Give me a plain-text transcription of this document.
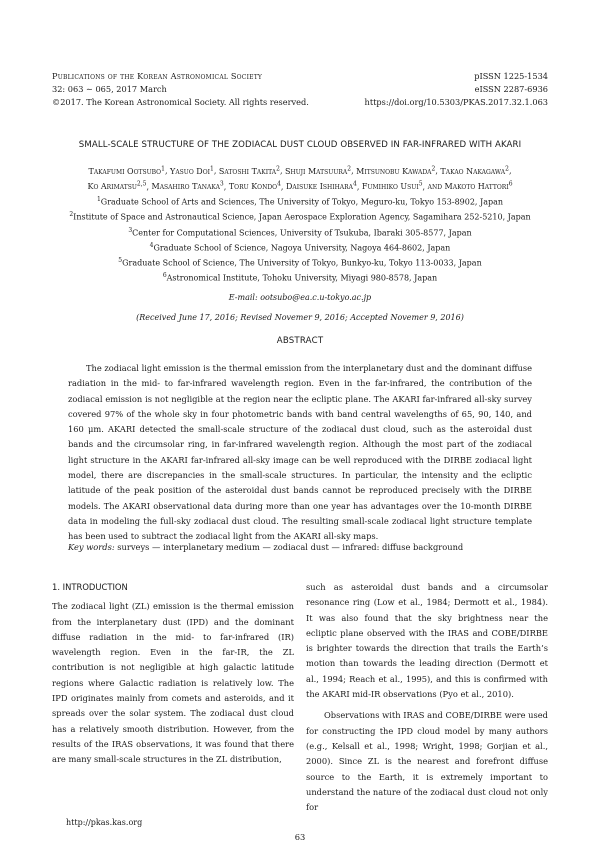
Publications of the Korean Astronomical Society	pISSN 1225-1534
32: 063 ∼ 065, 2017 March	eISSN 2287-6936
©2017. The Korean Astronomical Society. All rights reserved.	https://doi.org/10.5303/PKAS.2017.32.1.063
SMALL-SCALE STRUCTURE OF THE ZODIACAL DUST CLOUD OBSERVED IN FAR-INFRARED WITH AKARI
Takafumi Ootsubo$^1$, Yasuo Doi$^1$, Satoshi Takita$^2$, Shuji Matsuura$^2$, Mitsunobu Kawada$^2$, Takao Nakagawa$^2$,
Ko Arimatsu$^{2,5}$, Masahiro Tanaka$^3$, Toru Kondo$^4$, Daisuke Ishihara$^4$, Fumihiko Usui$^5$, and Makoto Hattori$^6$
$^1$Graduate School of Arts and Sciences, The University of Tokyo, Meguro-ku, Tokyo 153-8902, Japan
$^2$Institute of Space and Astronautical Science, Japan Aerospace Exploration Agency, Sagamihara 252-5210, Japan
$^3$Center for Computational Sciences, University of Tsukuba, Ibaraki 305-8577, Japan
$^4$Graduate School of Science, Nagoya University, Nagoya 464-8602, Japan
$^5$Graduate School of Science, The University of Tokyo, Bunkyo-ku, Tokyo 113-0033, Japan
$^6$Astronomical Institute, Tohoku University, Miyagi 980-8578, Japan
E-mail: ootsubo@ea.c.u-tokyo.ac.jp
(Received June 17, 2016; Revised Novemer 9, 2016; Accepted Novemer 9, 2016)
ABSTRACT
The zodiacal light emission is the thermal emission from the interplanetary dust and the dominant diffuse radiation in the mid- to far-infrared wavelength region. Even in the far-infrared, the contribution of the zodiacal emission is not negligible at the region near the ecliptic plane. The AKARI far-infrared all-sky survey covered 97% of the whole sky in four photometric bands with band central wavelengths of 65, 90, 140, and 160 μm. AKARI detected the small-scale structure of the zodiacal dust cloud, such as the asteroidal dust bands and the circumsolar ring, in far-infrared wavelength region. Although the most part of the zodiacal light structure in the AKARI far-infrared all-sky image can be well reproduced with the DIRBE zodiacal light model, there are discrepancies in the small-scale structures. In particular, the intensity and the ecliptic latitude of the peak position of the asteroidal dust bands cannot be reproduced precisely with the DIRBE models. The AKARI observational data during more than one year has advantages over the 10-month DIRBE data in modeling the full-sky zodiacal dust cloud. The resulting small-scale zodiacal light structure template has been used to subtract the zodiacal light from the AKARI all-sky maps.
Key words: surveys — interplanetary medium — zodiacal dust — infrared: diffuse background
1. INTRODUCTION
The zodiacal light (ZL) emission is the thermal emission from the interplanetary dust (IPD) and the dominant diffuse radiation in the mid- to far-infrared (IR) wavelength region. Even in the far-IR, the ZL contribution is not negligible at high galactic latitude regions where Galactic radiation is relatively low. The IPD originates mainly from comets and asteroids, and it spreads over the solar system. The zodiacal dust cloud has a relatively smooth distribution. However, from the results of the IRAS observations, it was found that there are many small-scale structures in the ZL distribution,
such as asteroidal dust bands and a circumsolar resonance ring (Low et al., 1984; Dermott et al., 1984). It was also found that the sky brightness near the ecliptic plane observed with the IRAS and COBE/DIRBE is brighter towards the direction that trails the Earth’s motion than towards the leading direction (Dermott et al., 1994; Reach et al., 1995), and this is confirmed with the AKARI mid-IR observations (Pyo et al., 2010).
Observations with IRAS and COBE/DIRBE were used for constructing the IPD cloud model by many authors (e.g., Kelsall et al., 1998; Wright, 1998; Gorjian et al., 2000). Since ZL is the nearest and forefront diffuse source to the Earth, it is extremely important to understand the nature of the zodiacal dust cloud not only for
http://pkas.kas.org
63
